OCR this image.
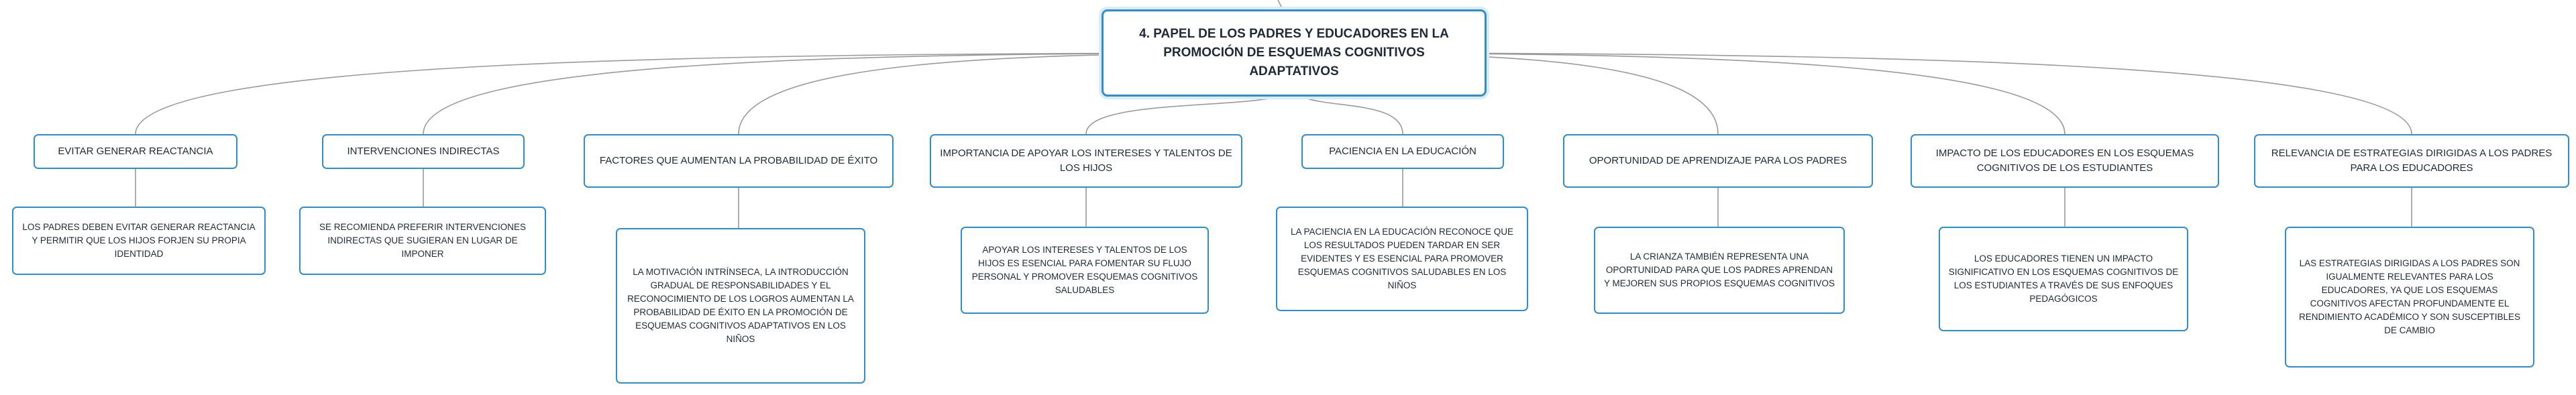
4. PAPEL DE LOS PADRES Y EDUCADORES EN LA PROMOCIÓN DE ESQUEMAS COGNITIVOS ADAPTATIVOS
EVITAR GENERAR REACTANCIA
LOS PADRES DEBEN EVITAR GENERAR REACTANCIA Y PERMITIR QUE LOS HIJOS FORJEN SU PROPIA IDENTIDAD
INTERVENCIONES INDIRECTAS
SE RECOMIENDA PREFERIR INTERVENCIONES INDIRECTAS QUE SUGIERAN EN LUGAR DE IMPONER
FACTORES QUE AUMENTAN LA PROBABILIDAD DE ÉXITO
LA MOTIVACIÓN INTRÍNSECA, LA INTRODUCCIÓN GRADUAL DE RESPONSABILIDADES Y EL RECONOCIMIENTO DE LOS LOGROS AUMENTAN LA PROBABILIDAD DE ÉXITO EN LA PROMOCIÓN DE ESQUEMAS COGNITIVOS ADAPTATIVOS EN LOS NIÑOS
IMPORTANCIA DE APOYAR LOS INTERESES Y TALENTOS DE LOS HIJOS
APOYAR LOS INTERESES Y TALENTOS DE LOS HIJOS ES ESENCIAL PARA FOMENTAR SU FLUJO PERSONAL Y PROMOVER ESQUEMAS COGNITIVOS SALUDABLES
PACIENCIA EN LA EDUCACIÓN
LA PACIENCIA EN LA EDUCACIÓN RECONOCE QUE LOS RESULTADOS PUEDEN TARDAR EN SER EVIDENTES Y ES ESENCIAL PARA PROMOVER ESQUEMAS COGNITIVOS SALUDABLES EN LOS NIÑOS
OPORTUNIDAD DE APRENDIZAJE PARA LOS PADRES
LA CRIANZA TAMBIÉN REPRESENTA UNA OPORTUNIDAD PARA QUE LOS PADRES APRENDAN Y MEJOREN SUS PROPIOS ESQUEMAS COGNITIVOS
IMPACTO DE LOS EDUCADORES EN LOS ESQUEMAS COGNITIVOS DE LOS ESTUDIANTES
LOS EDUCADORES TIENEN UN IMPACTO SIGNIFICATIVO EN LOS ESQUEMAS COGNITIVOS DE LOS ESTUDIANTES A TRAVÉS DE SUS ENFOQUES PEDAGÓGICOS
RELEVANCIA DE ESTRATEGIAS DIRIGIDAS A LOS PADRES PARA LOS EDUCADORES
LAS ESTRATEGIAS DIRIGIDAS A LOS PADRES SON IGUALMENTE RELEVANTES PARA LOS EDUCADORES, YA QUE LOS ESQUEMAS COGNITIVOS AFECTAN PROFUNDAMENTE EL RENDIMIENTO ACADÉMICO Y SON SUSCEPTIBLES DE CAMBIO
